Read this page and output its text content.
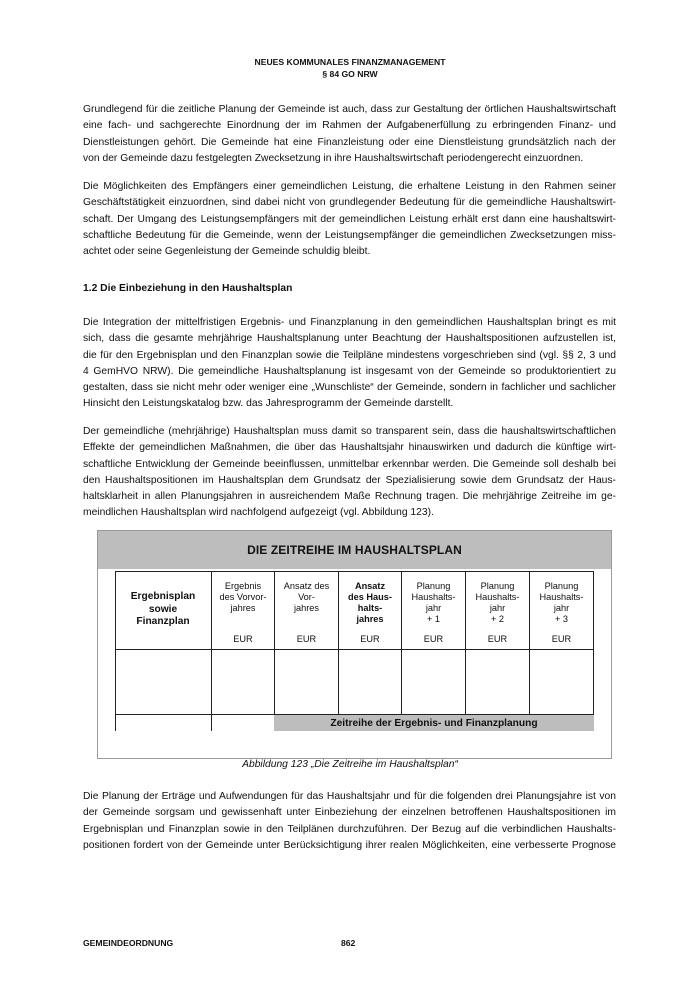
NEUES KOMMUNALES FINANZMANAGEMENT
§ 84 GO NRW
Grundlegend für die zeitliche Planung der Gemeinde ist auch, dass zur Gestaltung der örtlichen Haushaltswirtschaft
eine fach- und sachgerechte Einordnung der im Rahmen der Aufgabenerfüllung zu erbringenden Finanz- und
Dienstleistungen gehört. Die Gemeinde hat eine Finanzleistung oder eine Dienstleistung grundsätzlich nach der
von der Gemeinde dazu festgelegten Zwecksetzung in ihre Haushaltswirtschaft periodengerecht einzuordnen.
Die Möglichkeiten des Empfängers einer gemeindlichen Leistung, die erhaltene Leistung in den Rahmen seiner
Geschäftstätigkeit einzuordnen, sind dabei nicht von grundlegender Bedeutung für die gemeindliche Haushaltswirt-
schaft. Der Umgang des Leistungsempfängers mit der gemeindlichen Leistung erhält erst dann eine haushaltswirt-
schaftliche Bedeutung für die Gemeinde, wenn der Leistungsempfänger die gemeindlichen Zwecksetzungen miss-
achtet oder seine Gegenleistung der Gemeinde schuldig bleibt.
1.2 Die Einbeziehung in den Haushaltsplan
Die Integration der mittelfristigen Ergebnis- und Finanzplanung in den gemeindlichen Haushaltsplan bringt es mit
sich, dass die gesamte mehrjährige Haushaltsplanung unter Beachtung der Haushaltspositionen aufzustellen ist,
die für den Ergebnisplan und den Finanzplan sowie die Teilpläne mindestens vorgeschrieben sind (vgl. §§ 2, 3 und
4 GemHVO NRW). Die gemeindliche Haushaltsplanung ist insgesamt von der Gemeinde so produktorientiert zu
gestalten, dass sie nicht mehr oder weniger eine „Wunschliste“ der Gemeinde, sondern in fachlicher und sachlicher
Hinsicht den Leistungskatalog bzw. das Jahresprogramm der Gemeinde darstellt.
Der gemeindliche (mehrjährige) Haushaltsplan muss damit so transparent sein, dass die haushaltswirtschaftlichen
Effekte der gemeindlichen Maßnahmen, die über das Haushaltsjahr hinauswirken und dadurch die künftige wirt-
schaftliche Entwicklung der Gemeinde beeinflussen, unmittelbar erkennbar werden. Die Gemeinde soll deshalb bei
den Haushaltspositionen im Haushaltsplan dem Grundsatz der Spezialisierung sowie dem Grundsatz der Haus-
haltsklarheit in allen Planungsjahren in ausreichendem Maße Rechnung tragen. Die mehrjährige Zeitreihe im ge-
meindlichen Haushaltsplan wird nachfolgend aufgezeigt (vgl. Abbildung 123).
DIE ZEITREIHE IM HAUSHALTSPLAN
Ergebnisplan
sowie
Finanzplan
Ergebnis
des Vorvor-
jahres
EUR
Ansatz des
Vor-
jahres
EUR
Ansatz
des Haus-
halts-
jahres
EUR
Planung
Haushalts-
jahr
+ 1
EUR
Planung
Haushalts-
jahr
+ 2
EUR
Planung
Haushalts-
jahr
+ 3
EUR
Zeitreihe der Ergebnis- und Finanzplanung
Abbildung 123 „Die Zeitreihe im Haushaltsplan“
Die Planung der Erträge und Aufwendungen für das Haushaltsjahr und für die folgenden drei Planungsjahre ist von
der Gemeinde sorgsam und gewissenhaft unter Einbeziehung der einzelnen betroffenen Haushaltspositionen im
Ergebnisplan und Finanzplan sowie in den Teilplänen durchzuführen. Der Bezug auf die verbindlichen Haushalts-
positionen fordert von der Gemeinde unter Berücksichtigung ihrer realen Möglichkeiten, eine verbesserte Prognose
GEMEINDEORDNUNG	862
